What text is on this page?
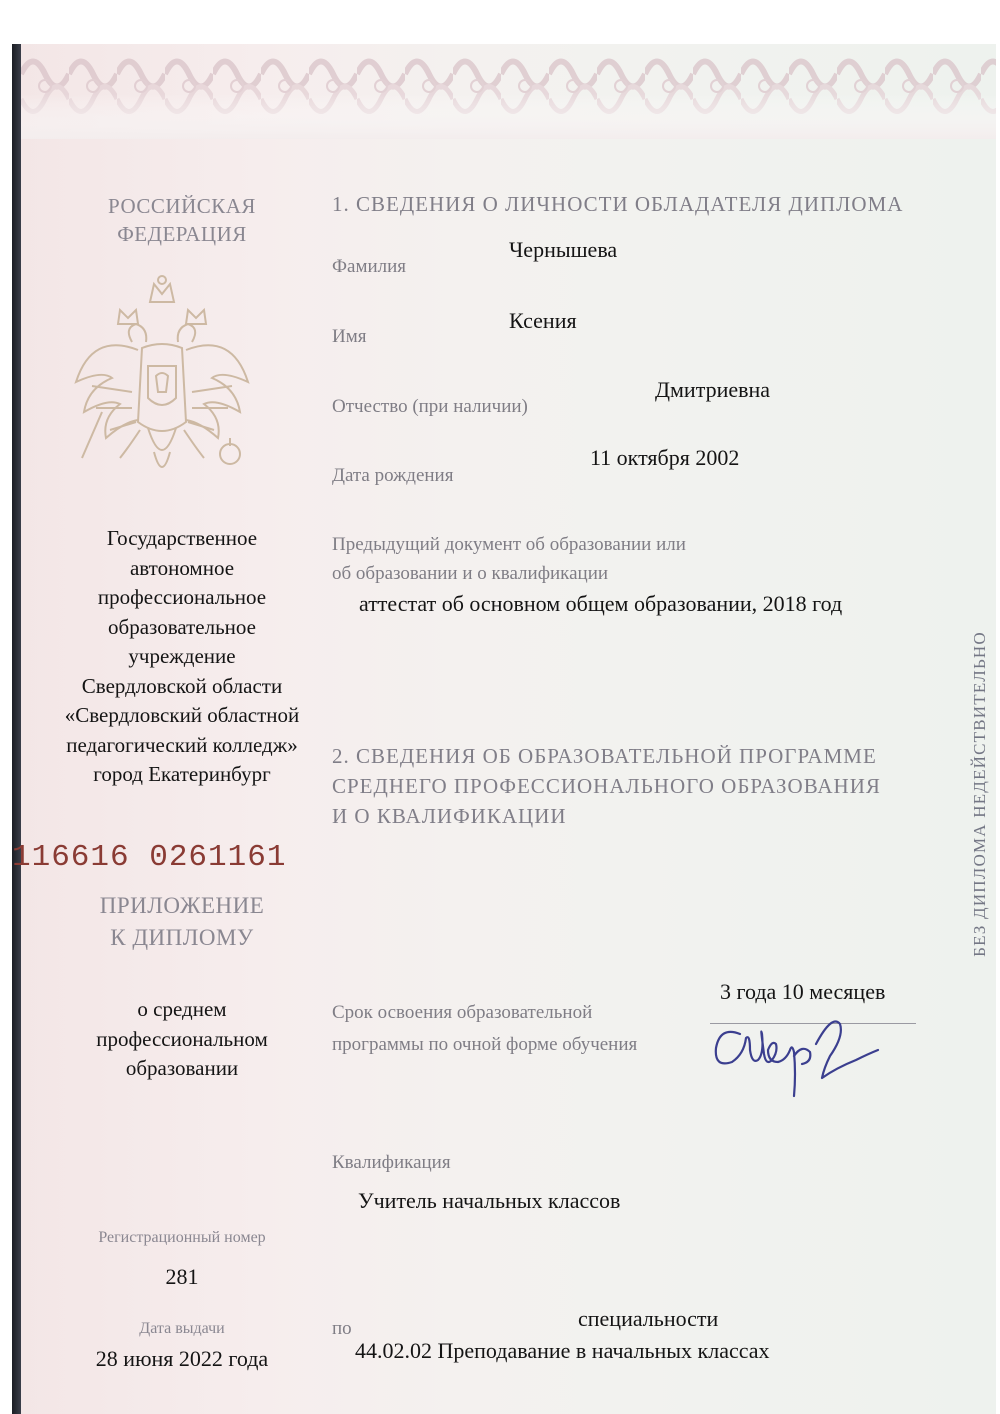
РОССИЙСКАЯ
ФЕДЕРАЦИЯ
Государственное
автономное
профессиональное
образовательное
учреждение
Свердловской области
«Свердловский областной
педагогический колледж»
город Екатеринбург
116616 0261161
ПРИЛОЖЕНИЕ
К ДИПЛОМУ
о среднем
профессиональном
образовании
Регистрационный номер
281
Дата выдачи
28 июня 2022 года
1. СВЕДЕНИЯ О ЛИЧНОСТИ ОБЛАДАТЕЛЯ ДИПЛОМА
Фамилия
Чернышева
Имя
Ксения
Отчество (при наличии)
Дмитриевна
Дата рождения
11 октября 2002
Предыдущий документ об образовании или
об образовании и о квалификации
аттестат об основном общем образовании, 2018 год
2. СВЕДЕНИЯ ОБ ОБРАЗОВАТЕЛЬНОЙ ПРОГРАММЕ
СРЕДНЕГО ПРОФЕССИОНАЛЬНОГО ОБРАЗОВАНИЯ
И О КВАЛИФИКАЦИИ
3 года 10 месяцев
Срок освоения образовательной
программы по очной форме обучения
Квалификация
Учитель начальных классов
по	специальности
44.02.02 Преподавание в начальных классах
БЕЗ ДИПЛОМА НЕДЕЙСТВИТЕЛЬНО
